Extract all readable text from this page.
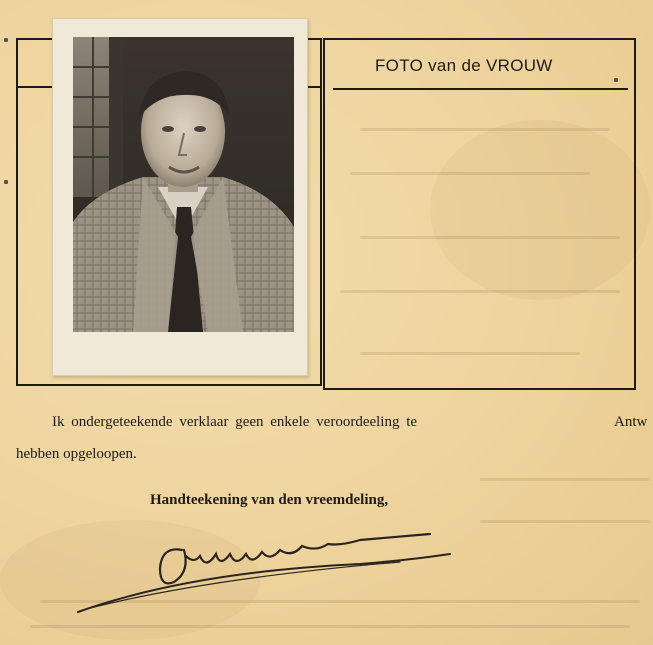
FOTO van de VROUW
Ik ondergeteekende verklaar geen enkele veroordeeling te
hebben opgeloopen.
Antw
Handteekening van den vreemdeling,
